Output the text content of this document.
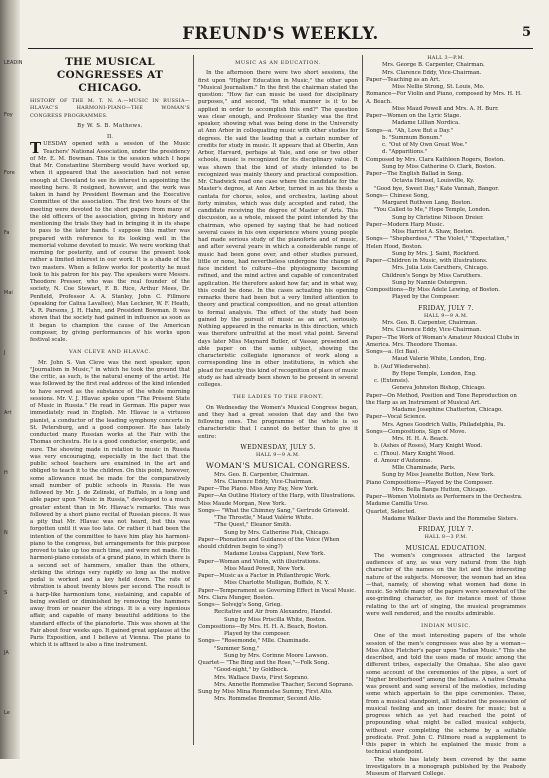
LEADIN
Foy
Fore
Fa
Mai
J
Art
H
N
S
JA
Le
FREUND'S WEEKLY.	5
THE MUSICAL CONGRESSES AT CHICAGO.

HISTORY OF THE M. T. N. A.—MUSIC IN RUSSIA—HLAVAC'S HARMONI-PIANO—THE WOMAN'S CONGRESS PROGRAMMES.

By W. S. B. Mathews.
II.

TUESDAY opened with a session of the Music Teachers' National Association, under the presidency of Mr. E. M. Bowman. This is the session which I hope that Mr. Constantine Sternberg would have worked up, when it appeared that the association had not sense enough at Cleveland to see its interest in appointing the meeting here. It resigned, however, and the work was taken in hand by President Bowman and the Executive Committee of the association. The first two hours of the meeting were devoted to the short papers from many of the old officers of the association, giving in history and mentioning the trials they had in bringing it in its shape to pass to the later hands. I suppose this matter was prepared with reference to its looking well in the memorial volume devoted to music. We were working that morning for posterity, and of course the present took rather a limited interest in our work. It is a shade of the two masters. When a fellow works for posterity he must look to his patron for his pay. The speakers were Messrs. Theodore Presser, who was the real founder of the society, N. Coe Stewart, F. B. Rice, Arthur Mees, Dr. Penfield, Professor A. A. Stanley, John C. Fillmore (speaking for Calixa Lavallee), Max Leckner, W. F. Heath, A. R. Parsons, J. H. Hahn, and President Bowman. It was shown that the society had gained in influence as soon as it began to champion the cause of the American composer, by giving performances of his works upon festival scale.

VAN CLEVE AND HLAVAC.

Mr. John S. Van Cleve was the next speaker, upon "Journalism in Music," in which he took the ground that the critic, as such, is the natural enemy of the artist. He was followed by the first real address of the kind intended to have served as the substance of the whole morning sessions. Mr. V. J. Hlavac spoke upon "The Present State of Music in Russia." He read in German. His paper was immediately read in English. Mr. Hlavac is a virtuoso pianist, a conductor of the leading symphony concerts in St. Petersburg, and a good composer. He has lately conducted many Russian works at the Fair with the Thomas orchestra. He is a good conductor, energetic, and sure. The showing made in relation to music in Russia was very encouraging, especially in the fact that the public school teachers are examined in the art and obliged to teach it to the children. On this point, however, some allowance must be made for the comparatively small number of public schools in Russia. He was followed by Mr. J. de Zelinski, of Buffalo, in a long and able paper upon "Music in Russia," developed to a much greater extent than in Mr. Hlavac's remarks. This was followed by a short piano recital of Russian pieces. It was a pity that Mr. Hlavac was not heard, but this was forgotten until it was too late. Or rather it had been the intention of the committee to have him play his harmoni-piano to the congress, but arrangements for this purpose proved to take up too much time, and were not made. His harmoni-piano consists of a grand piano, in which there is a second set of hammers, smaller than the others, striking the strings very rapidly so long as the motive pedal is worked and a key held down. The rate of vibration is about twenty blows per second. The result is a harp-like harmonium tone, sustaining, and capable of being swelled or diminished by removing the hammers away from or nearer the strings. It is a very ingenious affair, and capable of many beautiful additions to the standard effects of the pianoforte. This was shown at the Fair about four weeks ago. It gained great applause at the Paris Exposition, and I believe at Vienna. The piano to which it is affixed is also a fine instrument.

MUSIC AS AN EDUCATION.

In the afternoon there were two short sessions, the first upon "Higher Education in Music," the other upon "Musical Journalism." In the first the chairman stated the question: "How far can music be used for disciplinary purposes," and second, "In what manner is it to be applied in order to accomplish this end?" The question was clear enough, and Professor Stanley was the first speaker, showing what was being done in the University at Ann Arbor in colloquating music with other studies for degrees. He said the leading that a certain number of credits for study in music. It appears that at Oberlin, Ann Arbor, Harvard, perhaps at Yale, and one or two other schools, music is recognized for its disciplinary value. It was shown that the kind of study intended to be recognized was mainly theory and practical composition. Mr. Chadwick read one case where the candidate for the Master's degree, at Ann Arbor, turned in as his thesis a cantata for chorus, solos, and orchestra, lasting about forty minutes, which was duly accepted and rated, the candidate receiving the degree of Master of Arts. This discussion, as a whole, missed the point intended by the chairman, who opened by saying that he had noticed several cases in his own experience where young people had made serious study of the pianoforte and of music, and after several years in which a considerable range of music had been gone over, and other studies pursued, little or none, had nevertheless undergone the change of face incident to culture—the physiognomy becoming refined, and the mind active and capable of concentrated application. He therefore asked how far, and in what way, this could be done. In the cases actuating his opening remarks there had been but a very limited attention to theory and practical composition, and no great attention to formal analysis. The effect of the study had been gained by the pursuit of music as an art, seriously. Nothing appeared in the remarks in this direction, which was therefore unfruitful at the most vital point. Several days later Miss Maynard Butler, of Vassar, presented an able paper on the same subject, showing the characteristic collegiate ignorance of work along a corresponding line in other institutions, in which she plead for exactly this kind of recognition of place of music study as had already been shown to be present in several colleges.

THE LADIES TO THE FRONT.

On Wednesday the Women's Musical Congress began, and they had a great session that day and the two following ones. The programme of the whole is so characteristic that I cannot do better than to give it entire:

WEDNESDAY, JULY 5.
HALL 9—9 A.M.
WOMAN'S MUSICAL CONGRESS.
Mrs. Geo. B. Carpenter, Chairman.
Mrs. Clarence Eddy, Vice-Chairman.
Paper—The Piano. Miss Amy Fay, New York.
Paper—An Outline History of the Harp, with Illustrations. Miss Maude Morgan, New York.
Songs— "What the Chimney Sang," Gertrude Griswold.
"The Throstle," Maud Valérie White.
"The Quest," Eleanor Smith.
Sung by Mrs. Catherine Fisk, Chicago.
Paper—Phonation and Guidance of the Voice (When should children begin to sing?)
Madame Louisa Cappiani, New York.
Paper—Woman and Violin, with illustrations.
Miss Maud Powell, New York.
Paper—Music as a Factor in Philanthropic Work.
Miss Charlotte Mulligan, Buffalo, N. Y.
Paper—Temperament as Governing Effect in Vocal Music. Mrs. Clara Munger, Boston.
Songs— Solvejg's Song, Grieg.
Recitative and Air from Alexandro, Handel.
Sung by Miss Priscilla White, Boston.
Compositions—By Mrs. H. H. A. Beach, Boston.
Played by the composer.
Songs— "Rosemonde," Mlle. Chaminade.
"Summer Song,"
Sung by Mrs. Corinne Moore Lawson.
Quartet— "The Bing and the Rose,"—Folk Song.
"Good-night," by Goldbeck.
Mrs. Wallace Davis, First Soprano.
Mrs. Annette Rommelse Thacher, Second Soprano.
Sung by Miss Mina Rommelse Summy, First Alto.
Mrs. Rommelse Bremmer, Second Alto.
HALL 3—P.M.
Mrs. George B. Carpenter, Chairman.
Mrs. Clarence Eddy, Vice-Chairman.
Paper—Teaching as an Art.
Miss Nellie Strong, St. Louis, Mo.
Romance—For Violin and Piano, composed by Mrs. H. H. A. Beach.
Miss Maud Powell and Mrs. A. H. Burr.
Paper—Women on the Lyric Stage.
Madame Lillian Nordica.
Songs—a. "Ah, Love But a Day."
b. "Summum Bonum."
c. "Out of My Own Great Woe."
d. "Apparitions."
Composed by Mrs. Clara Kathleen Rogers, Boston.
Sung by Miss Catherine O. Clark, Boston.
Paper—The English Ballad in Song.
Octavia Hensel, Louisville, Ky.
"Good bye, Sweet Day," Kate Vannah, Bangor.
Songs— Chinese Song,
Margaret Ruthven Lang, Boston.
"You Called to Me," Hope Temple, London.
Sung by Christine Nilsson Dreier.
Paper—Modern Harp Music.
Miss Harriet A. Shaw, Boston.
Songs— "Shepherdess," "The Violet," "Expectation," Helen Hood, Boston.
Sung by Mrs. J. Saint, Rockford.
Paper—Children in Music, with illustrations.
Mrs. Julia Lois Caruthers, Chicago.
Children's Songs by Miss Caruthers.
Sung by Nannie Ostergren.
Compositions—By Miss Adele Lewing, of Boston.
Played by the Composer.
FRIDAY, JULY 7.
HALL 9—9 A.M.
Mrs. Geo. B. Carpenter, Chairman.
Mrs. Clarence Eddy, Vice-Chairman.
Paper—The Work of Woman's Amateur Musical Clubs in America. Mrs. Theodore Thomas.
Songs—a. (Ici Bas).
Maud Valerie White, London, Eng.
b. (Auf Wiedersehn).
By Hope Temple, London, Eng.
c. (Extensis).
Geneva Johnston Bishop, Chicago.
Paper—On Method, Position and Tone Reproduction on the Harp as an Instrument of Musical Art.
Madame Josephine Chatterton, Chicago.
Paper—Vocal Science.
Mrs. Agnes Goodrich Vallis, Philadelphia, Pa.
Songs—Compositions, Sign of Move.
Mrs. H. H. A. Beach.
b. (Ashes of Roses), Mary Knight Wood.
c. (Thou). Mary Knight Wood.
d. Amour d'Automne.
Mlle Chaminade, Paris.
Sung by Miss Jeanette Button, New York.
Piano Compositions—Played by the Composer.
Mrs. Bella Bangs Hutton, Chicago.
Paper—Women Violinists as Performers in the Orchestra. Madame Camilla Urso.
Quartet, Selected.
Madame Walker Davis and the Rommelse Sisters.
FRIDAY, JULY 7.
HALL 8—3 P.M.
MUSICAL EDUCATION.

The women's congresses attracted the largest audiences of any, as was very natural from the high character of the names on the list and the interesting nature of the subjects. Moreover, the women had an idea—that, namely, of showing what women had done in music. So while many of the papers were somewhat of the axe-grinding character, as for instance most of those relating to the art of singing, the musical programmes were well rendered, and the results admirable.

INDIAN MUSIC.

One of the most interesting papers of the whole session of the men's congresses was also by a woman—Miss Alice Fletcher's paper upon "Indian Music." This she described, and told the uses made of music among the different tribes, especially the Omahas. She also gave some account of the ceremonies of the pipes, a sort of "higher brotherhood" among the Indians. A native Omaha was present and sang several of the melodies, including some which appertain to the pipe ceremonies. These, from a musical standpoint, all indicated the possession of musical feeling and an inner desire for music; but a progress which as yet had reached the point of propounding what might be called musical subjects, without ever completing the scheme by a suitable predicate. Prof. John C. Fillmore read a supplement to this paper in which he explained the music from a technical standpoint.

The whole has lately been covered by the same investigators in a monograph published by the Peabody Museum of Harvard College.
